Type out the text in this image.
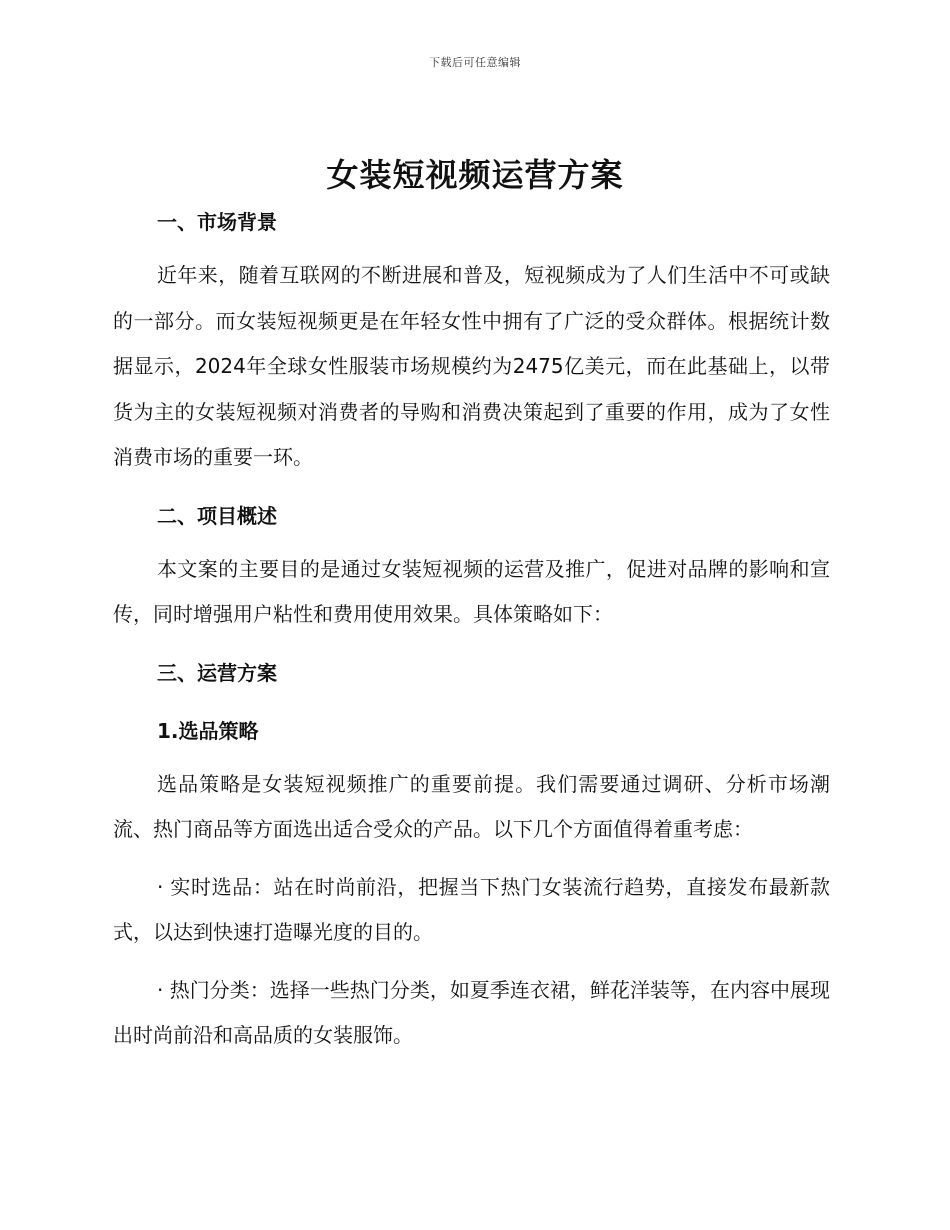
下载后可任意编辑
女装短视频运营方案

一、市场背景

近年来，随着互联网的不断进展和普及，短视频成为了人们生活中不可或缺的一部分。而女装短视频更是在年轻女性中拥有了广泛的受众群体。根据统计数据显示，2024年全球女性服装市场规模约为2475亿美元，而在此基础上，以带货为主的女装短视频对消费者的导购和消费决策起到了重要的作用，成为了女性消费市场的重要一环。

二、项目概述

本文案的主要目的是通过女装短视频的运营及推广，促进对品牌的影响和宣传，同时增强用户粘性和费用使用效果。具体策略如下：

三、运营方案

1.选品策略

选品策略是女装短视频推广的重要前提。我们需要通过调研、分析市场潮流、热门商品等方面选出适合受众的产品。以下几个方面值得着重考虑：

· 实时选品：站在时尚前沿，把握当下热门女装流行趋势，直接发布最新款式，以达到快速打造曝光度的目的。

· 热门分类：选择一些热门分类，如夏季连衣裙，鲜花洋装等，在内容中展现出时尚前沿和高品质的女装服饰。
